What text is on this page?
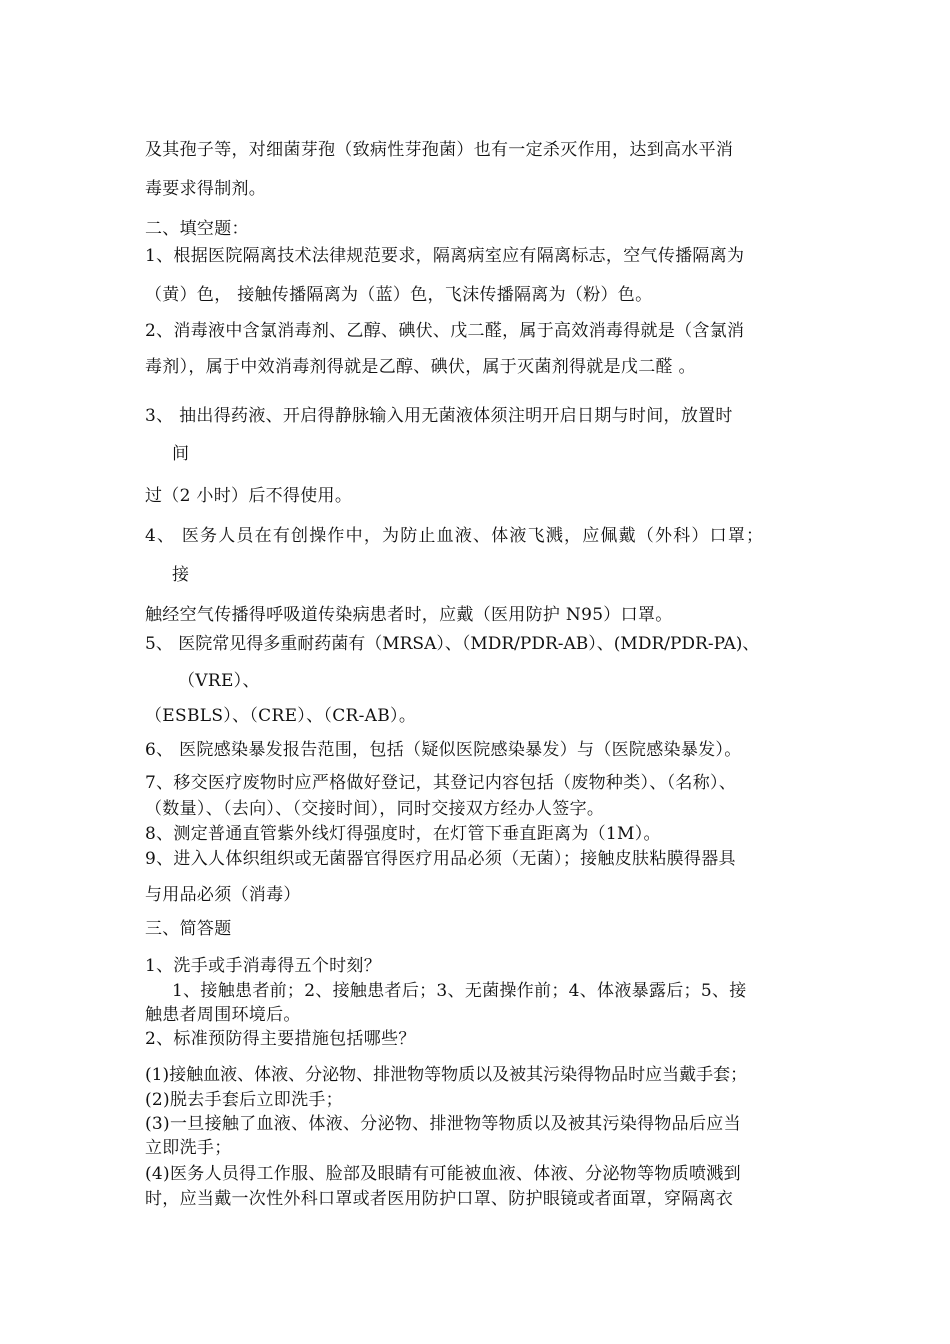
及其孢子等，对细菌芽孢（致病性芽孢菌）也有一定杀灭作用，达到高水平消
毒要求得制剂。
二、填空题：
1、根据医院隔离技术法律规范要求，隔离病室应有隔离标志，空气传播隔离为
（黄）色， 接触传播隔离为（蓝）色，飞沫传播隔离为（粉）色。
2、消毒液中含氯消毒剂、乙醇、碘伏、戊二醛，属于高效消毒得就是（含氯消
毒剂），属于中效消毒剂得就是乙醇、碘伏，属于灭菌剂得就是戊二醛 。
3、 抽出得药液、开启得静脉输入用无菌液体须注明开启日期与时间，放置时
间
过（2 小时）后不得使用。
4、 医务人员在有创操作中，为防止血液、体液飞溅，应佩戴（外科）口罩；
接
触经空气传播得呼吸道传染病患者时，应戴（医用防护 N95）口罩。
5、 医院常见得多重耐药菌有（MRSA）、（MDR/PDR-AB）、(MDR/PDR-PA)、
（VRE）、
（ESBLS）、（CRE）、（CR-AB）。
6、 医院感染暴发报告范围，包括（疑似医院感染暴发）与（医院感染暴发）。
7、移交医疗废物时应严格做好登记，其登记内容包括（废物种类）、（名称）、
（数量）、（去向）、（交接时间），同时交接双方经办人签字。
8、测定普通直管紫外线灯得强度时，在灯管下垂直距离为（1M）。
9、进入人体织组织或无菌器官得医疗用品必须（无菌）；接触皮肤粘膜得器具
与用品必须（消毒）
三、简答题
1、洗手或手消毒得五个时刻？
1、接触患者前；2、接触患者后；3、无菌操作前；4、体液暴露后；5、接
触患者周围环境后。
2、标准预防得主要措施包括哪些？
(1)接触血液、体液、分泌物、排泄物等物质以及被其污染得物品时应当戴手套；
(2)脱去手套后立即洗手；
(3)一旦接触了血液、体液、分泌物、排泄物等物质以及被其污染得物品后应当
立即洗手；
(4)医务人员得工作服、脸部及眼睛有可能被血液、体液、分泌物等物质喷溅到
时，应当戴一次性外科口罩或者医用防护口罩、防护眼镜或者面罩，穿隔离衣
